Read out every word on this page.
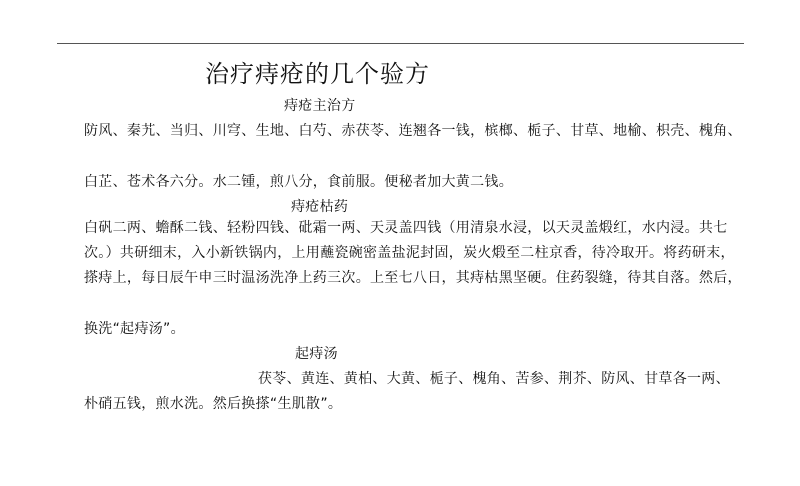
治疗痔疮的几个验方
痔疮主治方
防风、秦艽、当归、川穹、生地、白芍、赤茯苓、连翘各一钱，槟榔、栀子、甘草、地榆、枳壳、槐角、
白芷、苍术各六分。水二锺，煎八分，食前服。便秘者加大黄二钱。
痔疮枯药
白矾二两、蟾酥二钱、轻粉四钱、砒霜一两、天灵盖四钱（用清泉水浸，以天灵盖煅红，水内浸。共七
次。）共研细末，入小新铁锅内，上用蘸瓷碗密盖盐泥封固，炭火煅至二柱京香，待冷取开。将药研末，
搽痔上，每日辰午申三时温汤洗净上药三次。上至七八日，其痔枯黑坚硬。住药裂缝，待其自落。然后，
换洗“起痔汤”。
起痔汤
茯苓、黄连、黄柏、大黄、栀子、槐角、苦参、荆芥、防风、甘草各一两、
朴硝五钱，煎水洗。然后换搽“生肌散”。
